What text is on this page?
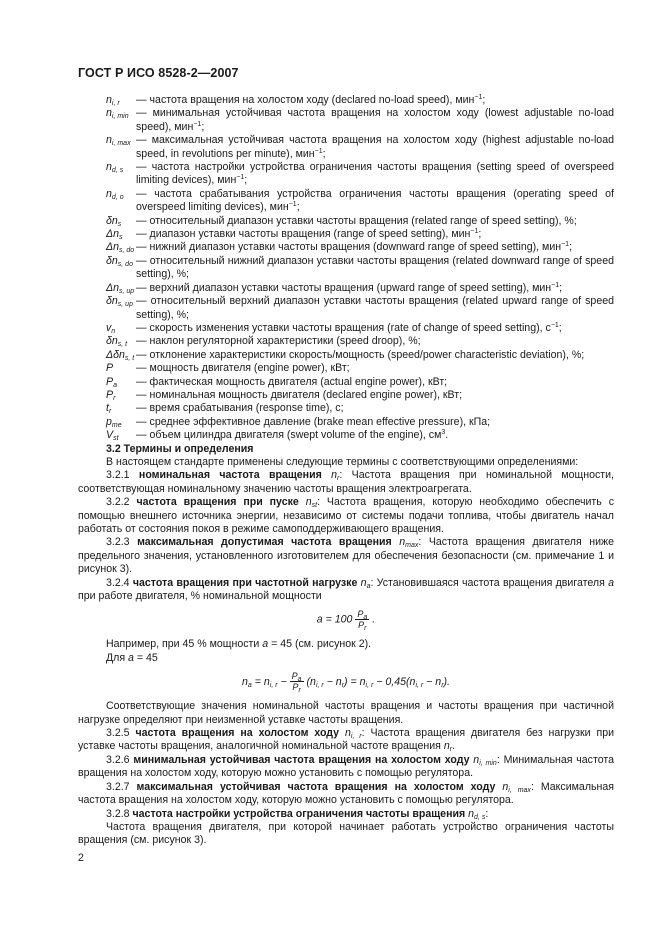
ГОСТ Р ИСО 8528-2—2007
$n_{i, r}$	— частота вращения на холостом ходу (declared no-load speed), мин$^{-1}$;
$n_{i, min}$ — минимальная устойчивая частота вращения на холостом ходу (lowest adjustable no-load speed), мин$^{-1}$;
$n_{i, max}$ — максимальная устойчивая частота вращения на холостом ходу (highest adjustable no-load speed, in revolutions per minute), мин$^{-1}$;
$n_{d, s}$	— частота настройки устройства ограничения частоты вращения (setting speed of overspeed limiting devices), мин$^{-1}$;
$n_{d, o}$	— частота срабатывания устройства ограничения частоты вращения (operating speed of overspeed limiting devices), мин$^{-1}$;
$\delta n_s$	— относительный диапазон уставки частоты вращения (related range of speed setting), %;
$\Delta n_s$	— диапазон уставки частоты вращения (range of speed setting), мин$^{-1}$;
$\Delta n_{s, do}$ — нижний диапазон уставки частоты вращения (downward range of speed setting), мин$^{-1}$;
$\delta n_{s, do}$ — относительный нижний диапазон уставки частоты вращения (related downward range of speed setting), %;
$\Delta n_{s, up}$ — верхний диапазон уставки частоты вращения (upward range of speed setting), мин$^{-1}$;
$\delta n_{s, up}$ — относительный верхний диапазон уставки частоты вращения (related upward range of speed setting), %;
$v_n$	— скорость изменения уставки частоты вращения (rate of change of speed setting), $с^{-1}$;
$\delta n_{s, t}$ — наклон регуляторной характеристики (speed droop), %;
Δδn$_{s, t}$ — отклонение характеристики скорость/мощность (speed/power characteristic deviation), %;
P	— мощность двигателя (engine power), кВт;
$P_a$	— фактическая мощность двигателя (actual engine power), кВт;
$P_r$	— номинальная мощность двигателя (declared engine power), кВт;
$t_r$	— время срабатывания (response time), с;
$p_{me}$	— среднее эффективное давление (brake mean effective pressure), кПа;
$V_{st}$	— объем цилиндра двигателя (swept volume of the engine), $см^3$.
3.2 Термины и определения

В настоящем стандарте применены следующие термины с соответствующими определениями:

3.2.1 номинальная частота вращения $n_r$: Частота вращения при номинальной мощности, соответствующая номинальному значению частоты вращения электроагрегата.

3.2.2 частота вращения при пуске $n_{st}$: Частота вращения, которую необходимо обеспечить с помощью внешнего источника энергии, независимо от системы подачи топлива, чтобы двигатель начал работать от состояния покоя в режиме самоподдерживающего вращения.

3.2.3 максимальная допустимая частота вращения $n_{max}$: Частота вращения двигателя ниже предельного значения, установленного изготовителем для обеспечения безопасности (см. примечание 1 и рисунок 3).

3.2.4 частота вращения при частотной нагрузке $n_a$: Установившаяся частота вращения двигателя a при работе двигателя, % номинальной мощности

$a = 100 \frac{P_a}{P_r}$ .

Например, при 45 % мощности a = 45 (см. рисунок 2).

Для a = 45

$n_a = n_{i, r} - \frac{P_a}{P_r} (n_{i, r} - n_r) = n_{i, r} - 0,45(n_{i, r} - n_r)$.

Соответствующие значения номинальной частоты вращения и частоты вращения при частичной нагрузке определяют при неизменной уставке частоты вращения.

3.2.5 частота вращения на холостом ходу $n_{i, r}$: Частота вращения двигателя без нагрузки при уставке частоты вращения, аналогичной номинальной частоте вращения $n_r$.

3.2.6 минимальная устойчивая частота вращения на холостом ходу $n_{i, min}$: Минимальная частота вращения на холостом ходу, которую можно установить с помощью регулятора.

3.2.7 максимальная устойчивая частота вращения на холостом ходу $n_{i, max}$: Максимальная частота вращения на холостом ходу, которую можно установить с помощью регулятора.

3.2.8 частота настройки устройства ограничения частоты вращения $n_{d, s}$:

Частота вращения двигателя, при которой начинает работать устройство ограничения частоты вращения (см. рисунок 3).

2
